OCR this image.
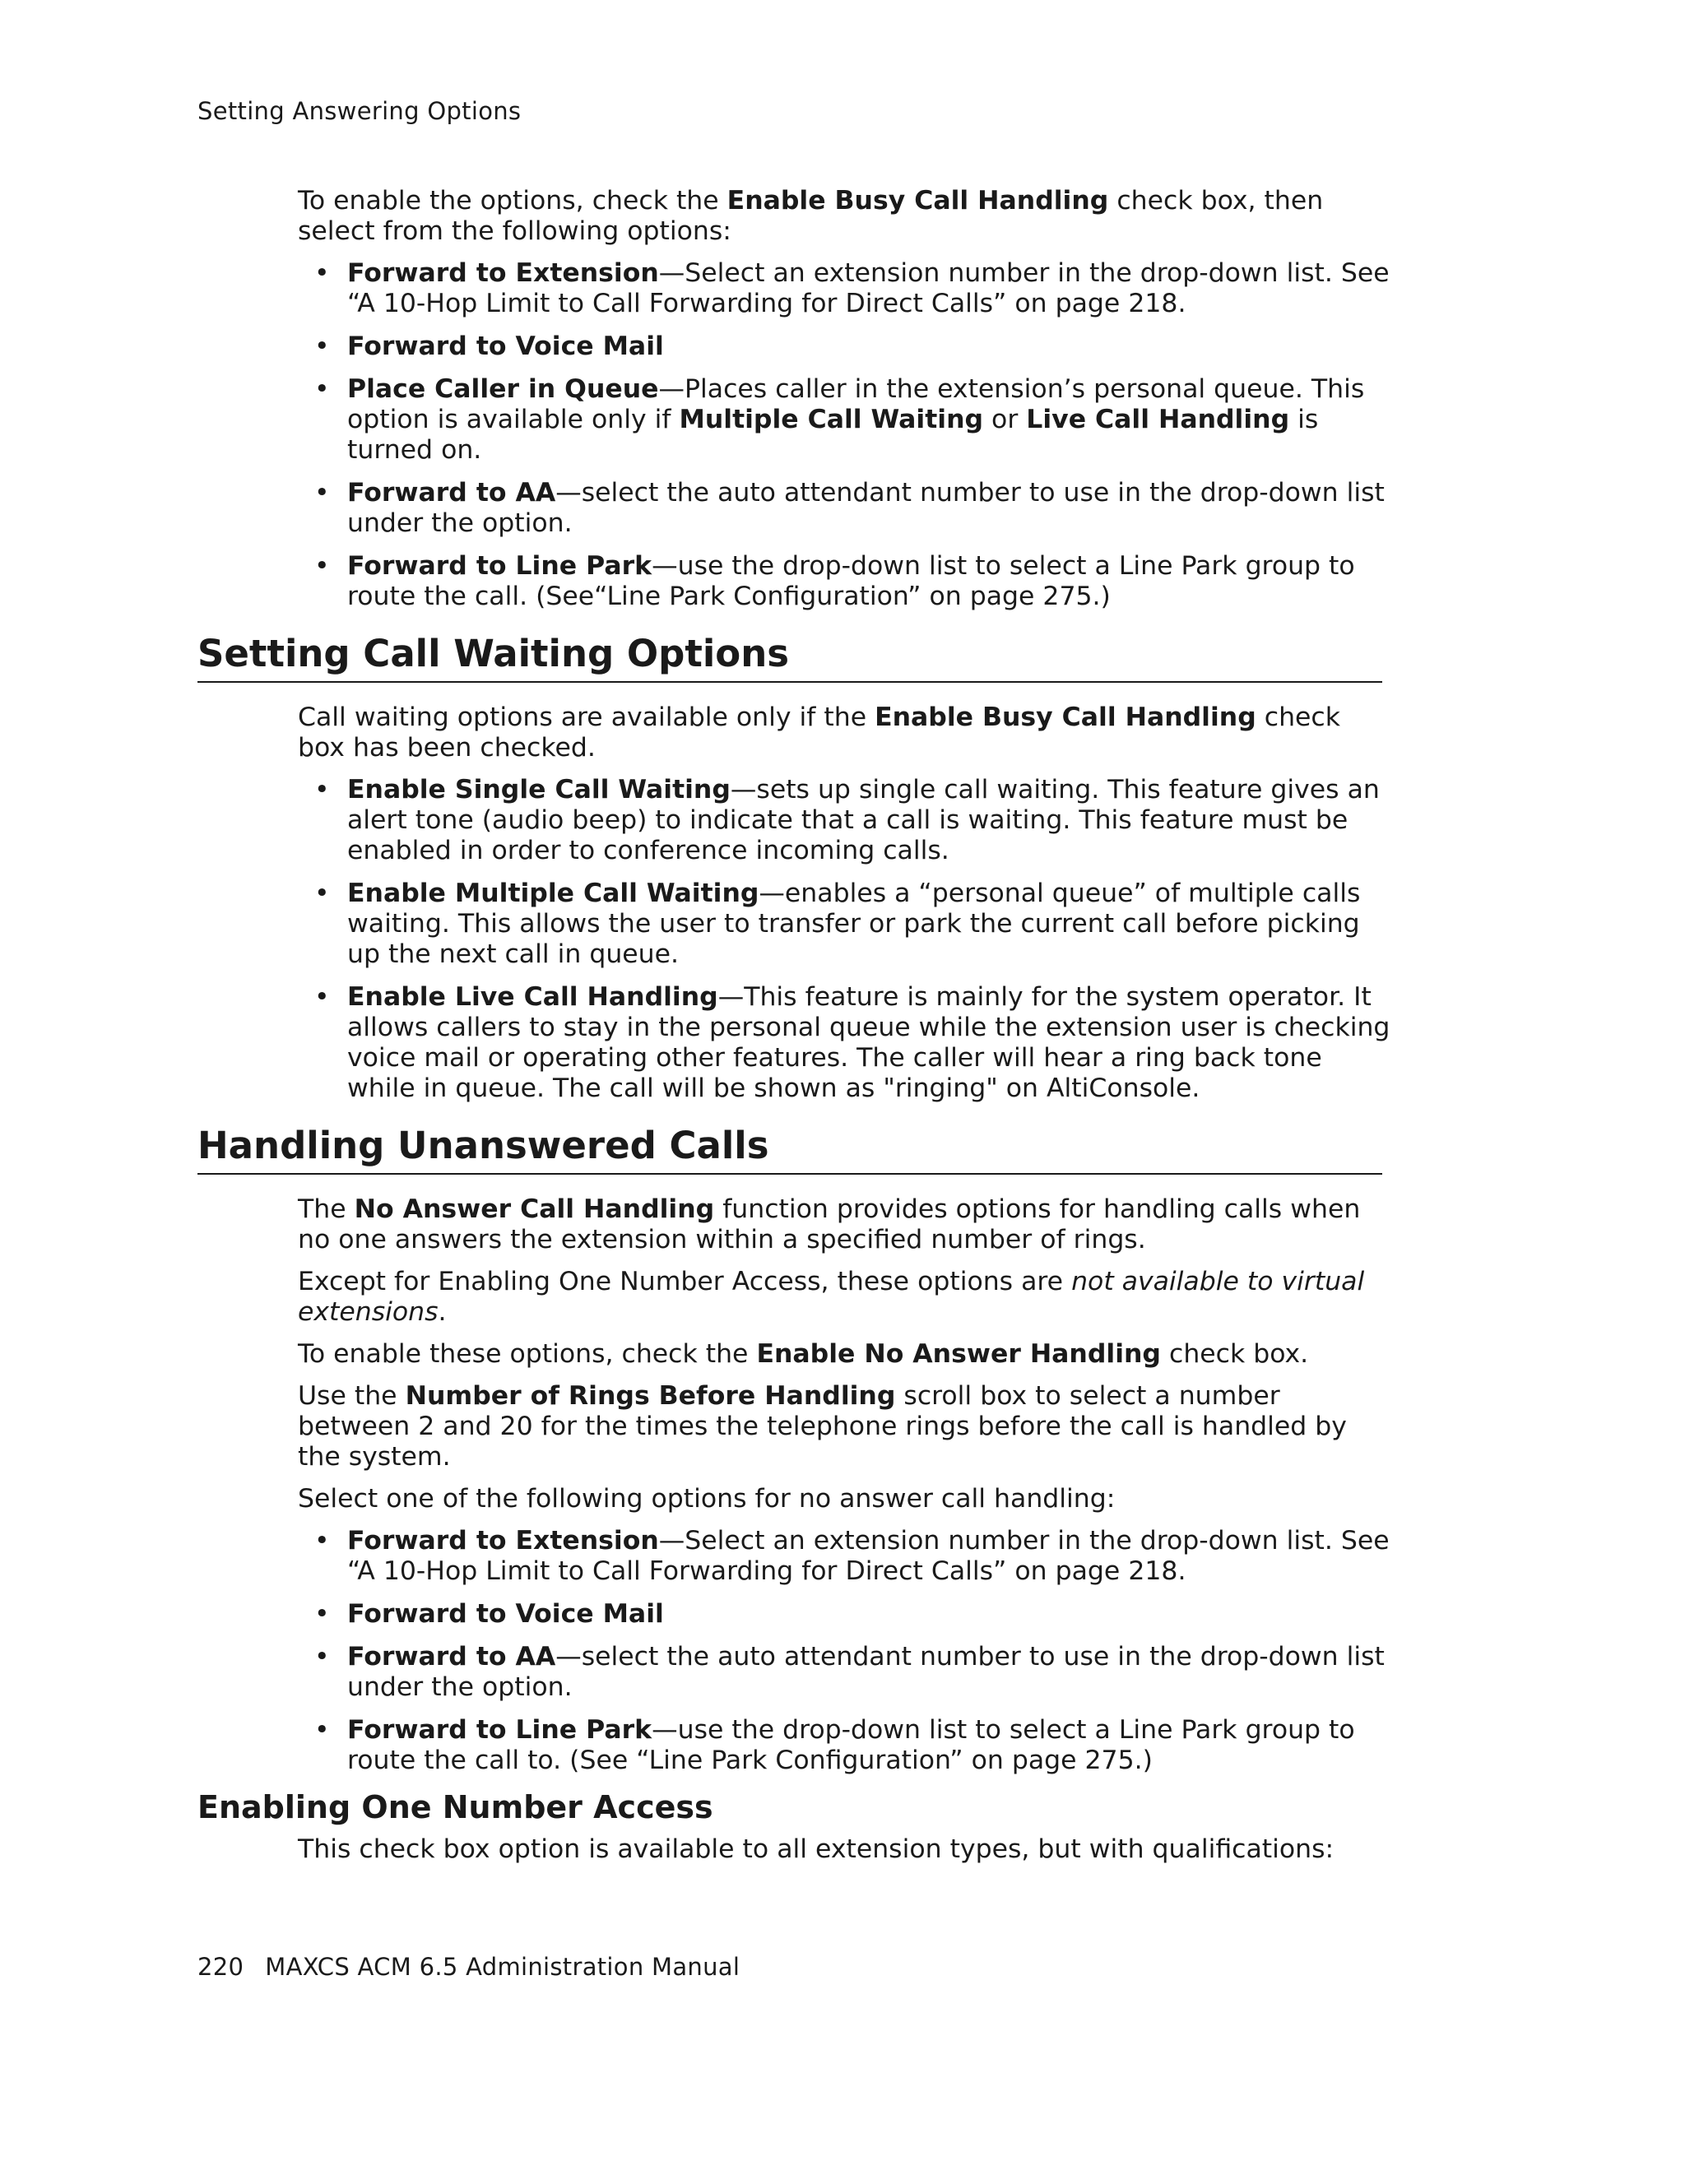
Setting Answering Options

To enable the options, check the Enable Busy Call Handling check box, then select from the following options:

• Forward to Extension—Select an extension number in the drop-down list. See “A 10-Hop Limit to Call Forwarding for Direct Calls” on page 218.
• Forward to Voice Mail
• Place Caller in Queue—Places caller in the extension’s personal queue. This option is available only if Multiple Call Waiting or Live Call Handling is turned on.
• Forward to AA—select the auto attendant number to use in the drop-down list under the option.
• Forward to Line Park—use the drop-down list to select a Line Park group to route the call. (See“Line Park Configuration” on page 275.)
Setting Call Waiting Options

Call waiting options are available only if the Enable Busy Call Handling check box has been checked.

• Enable Single Call Waiting—sets up single call waiting. This feature gives an alert tone (audio beep) to indicate that a call is waiting. This feature must be enabled in order to conference incoming calls.
• Enable Multiple Call Waiting—enables a “personal queue” of multiple calls waiting. This allows the user to transfer or park the current call before picking up the next call in queue.
• Enable Live Call Handling—This feature is mainly for the system operator. It allows callers to stay in the personal queue while the extension user is checking voice mail or operating other features. The caller will hear a ring back tone while in queue. The call will be shown as "ringing" on AltiConsole.
Handling Unanswered Calls

The No Answer Call Handling function provides options for handling calls when no one answers the extension within a specified number of rings.

Except for Enabling One Number Access, these options are not available to virtual extensions.

To enable these options, check the Enable No Answer Handling check box.

Use the Number of Rings Before Handling scroll box to select a number between 2 and 20 for the times the telephone rings before the call is handled by the system.

Select one of the following options for no answer call handling:

• Forward to Extension—Select an extension number in the drop-down list. See “A 10-Hop Limit to Call Forwarding for Direct Calls” on page 218.
• Forward to Voice Mail
• Forward to AA—select the auto attendant number to use in the drop-down list under the option.
• Forward to Line Park—use the drop-down list to select a Line Park group to route the call to. (See “Line Park Configuration” on page 275.)
Enabling One Number Access

This check box option is available to all extension types, but with qualifications:

220 MAXCS ACM 6.5 Administration Manual
